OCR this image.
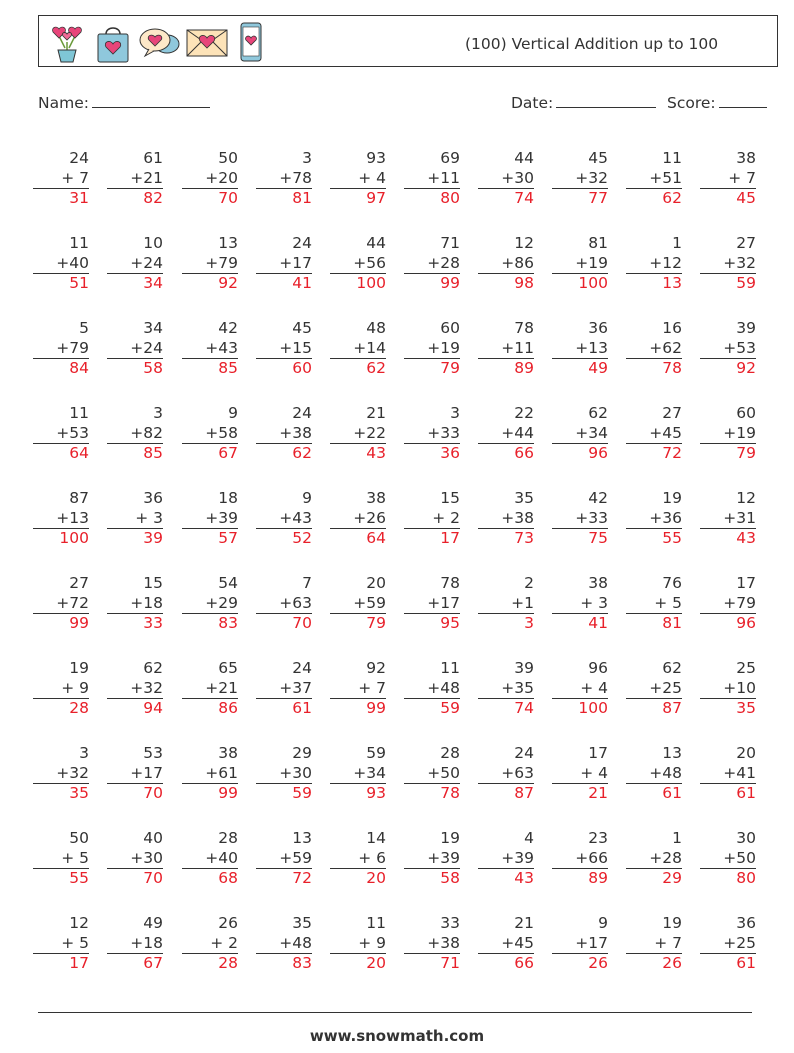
(100) Vertical Addition up to 100
Name:	Date:	Score:
24
+ 7
31
61
+21
82
50
+20
70
3
+78
81
93
+ 4
97
69
+11
80
44
+30
74
45
+32
77
11
+51
62
38
+ 7
45
11
+40
51
10
+24
34
13
+79
92
24
+17
41
44
+56
100
71
+28
99
12
+86
98
81
+19
100
1
+12
13
27
+32
59
5
+79
84
34
+24
58
42
+43
85
45
+15
60
48
+14
62
60
+19
79
78
+11
89
36
+13
49
16
+62
78
39
+53
92
11
+53
64
3
+82
85
9
+58
67
24
+38
62
21
+22
43
3
+33
36
22
+44
66
62
+34
96
27
+45
72
60
+19
79
87
+13
100
36
+ 3
39
18
+39
57
9
+43
52
38
+26
64
15
+ 2
17
35
+38
73
42
+33
75
19
+36
55
12
+31
43
27
+72
99
15
+18
33
54
+29
83
7
+63
70
20
+59
79
78
+17
95
2
+1
3
38
+ 3
41
76
+ 5
81
17
+79
96
19
+ 9
28
62
+32
94
65
+21
86
24
+37
61
92
+ 7
99
11
+48
59
39
+35
74
96
+ 4
100
62
+25
87
25
+10
35
3
+32
35
53
+17
70
38
+61
99
29
+30
59
59
+34
93
28
+50
78
24
+63
87
17
+ 4
21
13
+48
61
20
+41
61
50
+ 5
55
40
+30
70
28
+40
68
13
+59
72
14
+ 6
20
19
+39
58
4
+39
43
23
+66
89
1
+28
29
30
+50
80
12
+ 5
17
49
+18
67
26
+ 2
28
35
+48
83
11
+ 9
20
33
+38
71
21
+45
66
9
+17
26
19
+ 7
26
36
+25
61
www.snowmath.com
